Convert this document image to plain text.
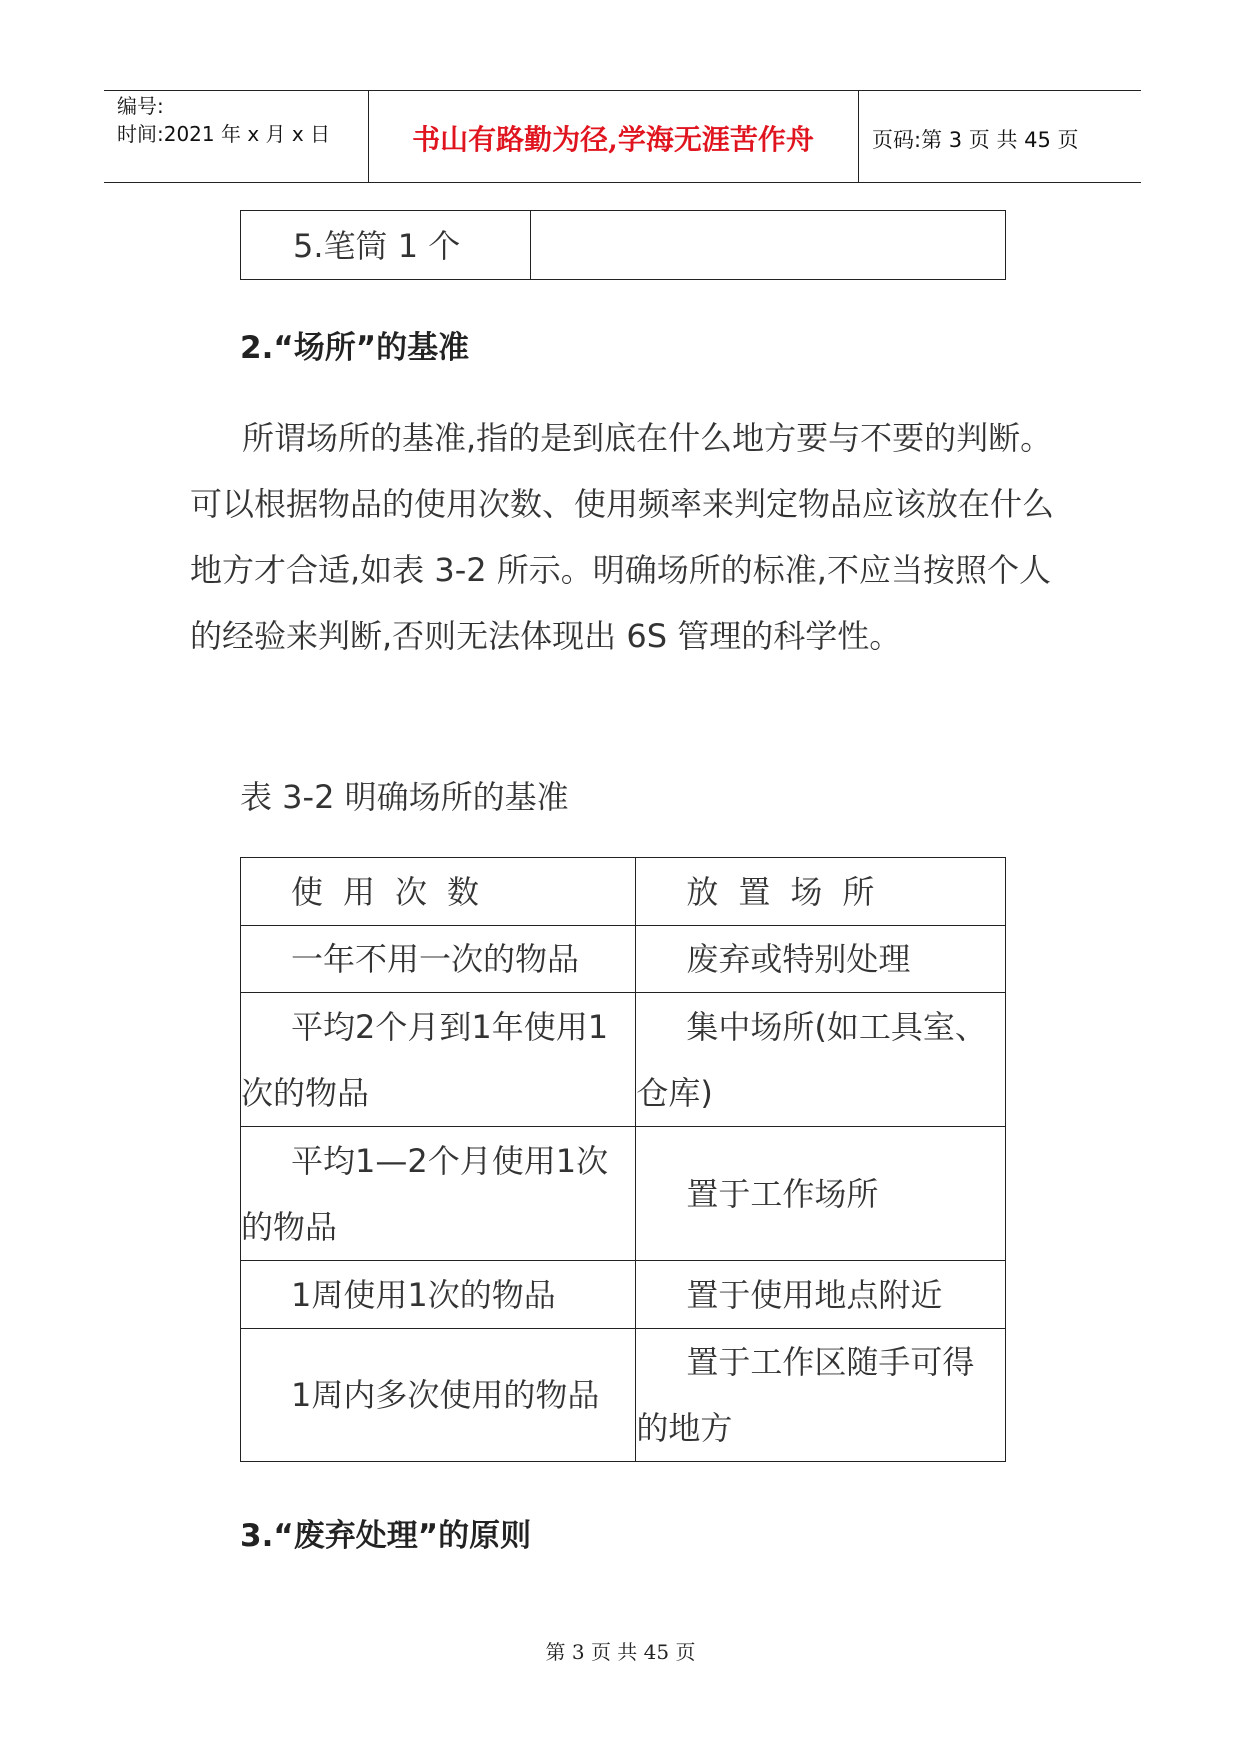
编号:
时间:2021 年 x 月 x 日	书山有路勤为径,学海无涯苦作舟	页码:第 3 页 共 45 页
5.笔筒 1 个
2.“场所”的基准
所谓场所的基准,指的是到底在什么地方要与不要的判断。可以根据物品的使用次数、使用频率来判定物品应该放在什么地方才合适,如表 3-2 所示。明确场所的标准,不应当按照个人的经验来判断,否则无法体现出 6S 管理的科学性。
表 3-2 明确场所的基准
使用次数	放置场所

一年不用一次的物品	废弃或特别处理

平均2个月到1年使用1次的物品	集中场所(如工具室、仓库)

平均1—2个月使用1次的物品	置于工作场所

1周使用1次的物品	置于使用地点附近

1周内多次使用的物品	置于工作区随手可得的地方
3.“废弃处理”的原则
第 3 页 共 45 页
